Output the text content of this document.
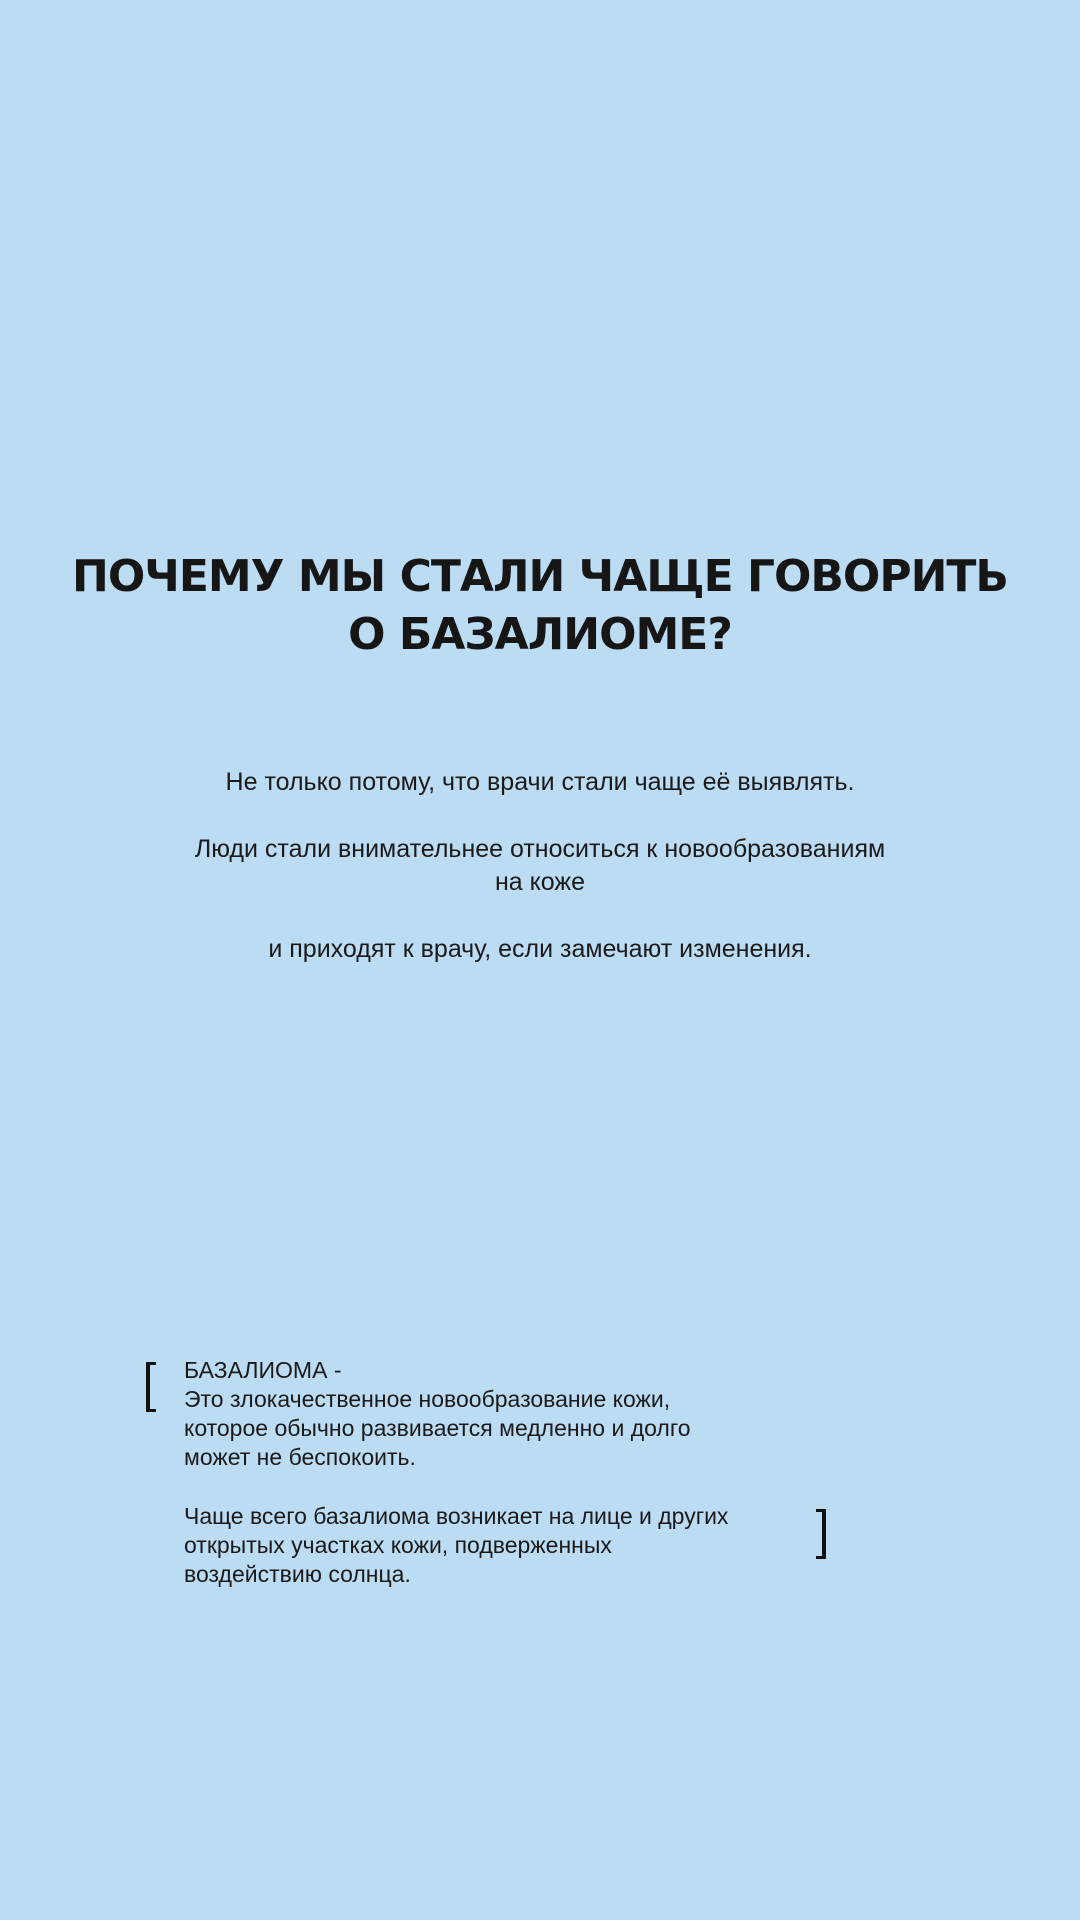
ПОЧЕМУ МЫ СТАЛИ ЧАЩЕ ГОВОРИТЬ
О БАЗАЛИОМЕ?
Не только потому, что врачи стали чаще её выявлять.
Люди стали внимательнее относиться к новообразованиям
на коже
и приходят к врачу, если замечают изменения.
БАЗАЛИОМА -
Это злокачественное новообразование кожи,
которое обычно развивается медленно и долго
может не беспокоить.
Чаще всего базалиома возникает на лице и других
открытых участках кожи, подверженных
воздействию солнца.
